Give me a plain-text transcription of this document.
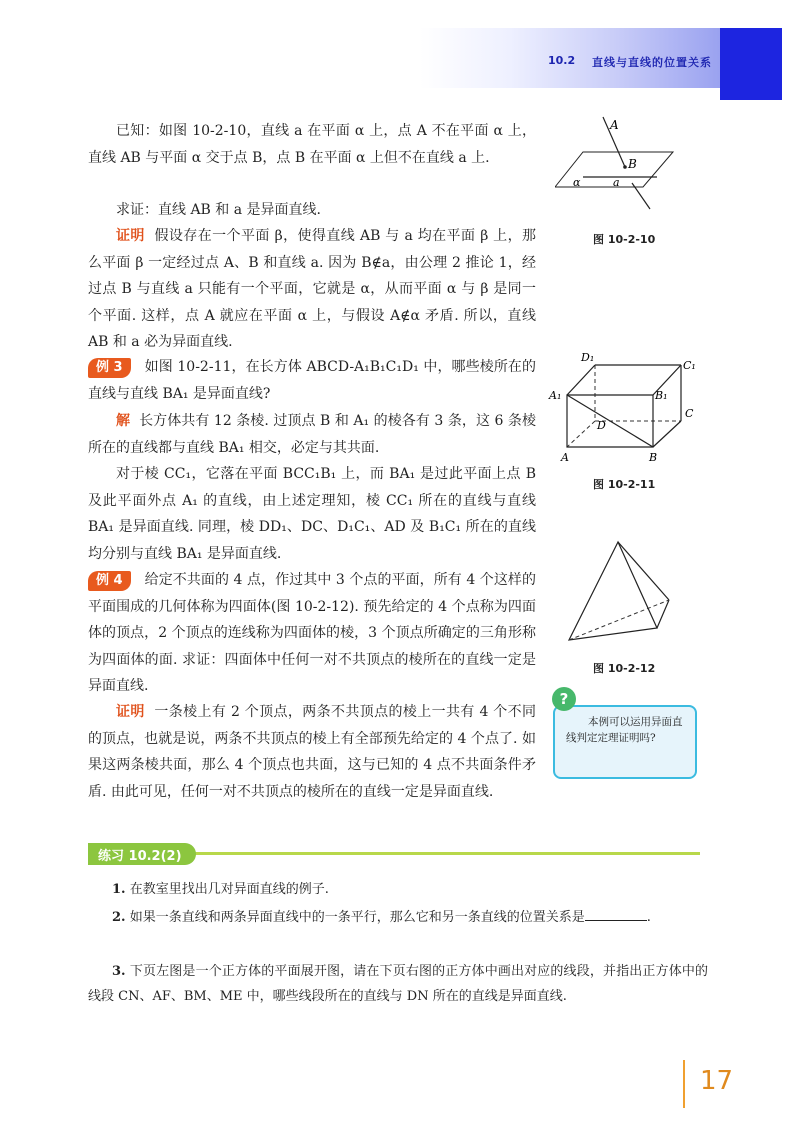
10.2 直线与直线的位置关系
已知：如图 10-2-10，直线 a 在平面 α 上，点 A 不在平面 α 上，直线 AB 与平面 α 交于点 B，点 B 在平面 α 上但不在直线 a 上.
求证：直线 AB 和 a 是异面直线.
证明 假设存在一个平面 β，使得直线 AB 与 a 均在平面 β 上，那么平面 β 一定经过点 A、B 和直线 a. 因为 B∉a，由公理 2 推论 1，经过点 B 与直线 a 只能有一个平面，它就是 α，从而平面 α 与 β 是同一个平面. 这样，点 A 就应在平面 α 上，与假设 A∉α 矛盾. 所以，直线 AB 和 a 必为异面直线.
例 3 如图 10-2-11，在长方体 ABCD-A₁B₁C₁D₁ 中，哪些棱所在的直线与直线 BA₁ 是异面直线?
解 长方体共有 12 条棱. 过顶点 B 和 A₁ 的棱各有 3 条，这 6 条棱所在的直线都与直线 BA₁ 相交，必定与其共面.
对于棱 CC₁，它落在平面 BCC₁B₁ 上，而 BA₁ 是过此平面上点 B 及此平面外点 A₁ 的直线，由上述定理知，棱 CC₁ 所在的直线与直线 BA₁ 是异面直线. 同理，棱 DD₁、DC、D₁C₁、AD 及 B₁C₁ 所在的直线均分别与直线 BA₁ 是异面直线.
例 4 给定不共面的 4 点，作过其中 3 个点的平面，所有 4 个这样的平面围成的几何体称为四面体(图 10-2-12). 预先给定的 4 个点称为四面体的顶点，2 个顶点的连线称为四面体的棱，3 个顶点所确定的三角形称为四面体的面. 求证：四面体中任何一对不共顶点的棱所在的直线一定是异面直线.
证明 一条棱上有 2 个顶点，两条不共顶点的棱上一共有 4 个不同的顶点，也就是说，两条不共顶点的棱上有全部预先给定的 4 个点了. 如果这两条棱共面，那么 4 个顶点也共面，这与已知的 4 点不共面条件矛盾. 由此可见，任何一对不共顶点的棱所在的直线一定是异面直线.
A
B
α	a
图 10-2-10
D₁
C₁
A₁	B₁
C
D
A	B
图 10-2-11
图 10-2-12
?
本例可以运用异面直线判定定理证明吗?
练习 10.2(2)
1. 在教室里找出几对异面直线的例子.
2. 如果一条直线和两条异面直线中的一条平行，那么它和另一条直线的位置关系是	.
3. 下页左图是一个正方体的平面展开图，请在下页右图的正方体中画出对应的线段，并指出正方体中的线段 CN、AF、BM、ME 中，哪些线段所在的直线与 DN 所在的直线是异面直线.
17
